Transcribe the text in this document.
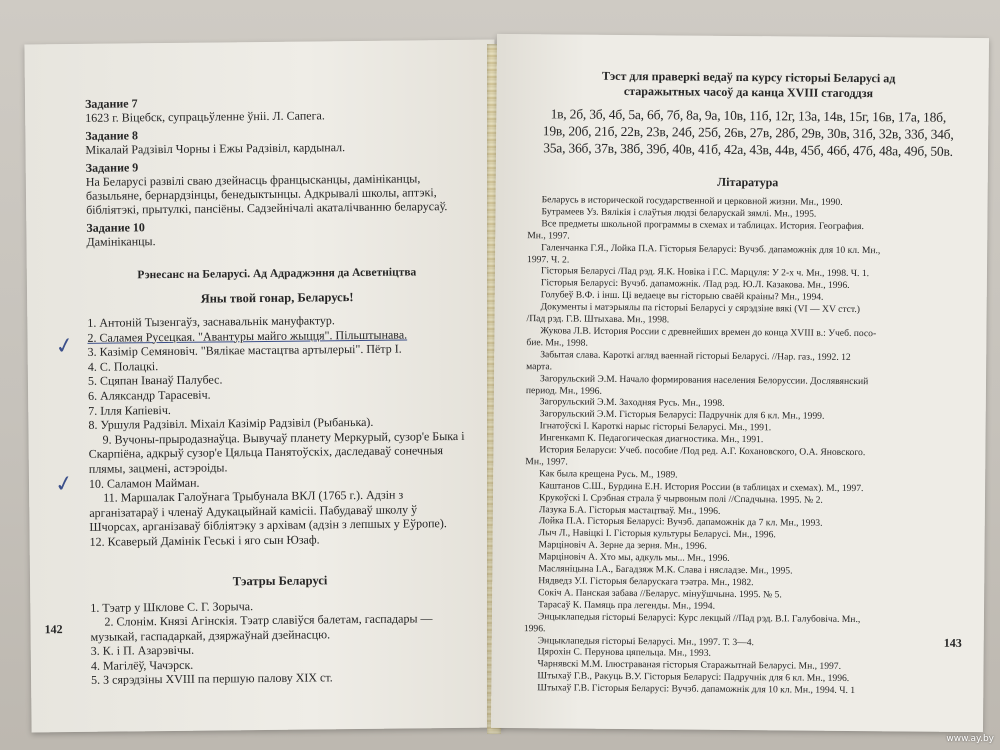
Задание 7

1623 г. Віцебск, супрацьўленне ўніі. Л. Сапега.

Задание 8

Мікалай Радзівіл Чорны і Ежы Радзівіл, кардынал.

Задание 9

На Беларусі развілі сваю дзейнасць францысканцы, дамінiканцы, базыльяне, бернардзінцы, бенедыктынцы. Адкрывалі школы, аптэкі, бібліятэкі, прытулкі, пансіёны. Садзейнічалі акаталічванню беларусаў.

Задание 10

Дамінiканцы.

Рэнесанс на Беларусі. Ад Адраджэння да Асветніцтва

Яны твой гонар, Беларусь!

1. Антоній Тызенгаўз, заснавальнік мануфактур.

2. Саламея Русецкая. "Авантуры майго жыцця". Пільштынава.

3. Казімір Семяновіч. "Вялікае мастацтва артылерыі". Пётр І.

4. С. Полацкі.

5. Сцяпан Іванаў Палубес.

6. Аляксандр Тарасевіч.

7. Ілля Капіевіч.

8. Уршуля Радзівіл. Міхаіл Казімір Радзівіл (Рыбанька).

9. Вучоны-прыродазнаўца. Вывучаў планету Меркурый, сузор'е Быка і Скарпіёна, адкрыў сузор'е Цяльца Панятоўскіх, даследаваў сонечныя плямы, зацмені, астэроіды.

10. Саламон Майман.

11. Маршалак Галоўнага Трыбунала ВКЛ (1765 г.). Адзін з арганізатараў і членаў Адукацыйнай камісіі. Пабудаваў школу ў Шчорсах, арганізаваў бібліятэку з архівам (адзін з лепшых у Еўропе).

12. Ксаверый Дамінік Геські і яго сын Юзаф.

Тэатры Беларусі

1. Тэатр у Шклове С. Г. Зорыча.

2. Слонім. Князі Агінскія. Тэатр славіўся балетам, гаспадары — музыкай, гаспадаркай, дзяржаўнай дзейнасцю.

3. К. і П. Азарэвічы.

4. Магілёў, Чачэрск.

5. З сярэдзіны XVIII па першую палову XIX ст.

✓
✓
142

Тэст для праверкі ведаў па курсу гісторыі Беларусі ад

старажытных часоў да канца XVIII стагоддзя

1в, 2б, 3б, 4б, 5а, 6б, 7б, 8а, 9а, 10в, 11б, 12г, 13а, 14в, 15г, 16в, 17а, 18б,

19в, 20б, 21б, 22в, 23в, 24б, 25б, 26в, 27в, 28б, 29в, 30в, 31б, 32в, 33б, 34б,

35а, 36б, 37в, 38б, 39б, 40в, 41б, 42а, 43в, 44в, 45б, 46б, 47б, 48а, 49б, 50в.

Літаратура

Беларусь в исторической государственной и церковной жизни. Мн., 1990.

Бутрамеев Уз. Вялікія і слаўтыя людзі беларускай зямлі. Мн., 1995.

Все предметы школьной программы в схемах и таблицах. История. География.

Мн., 1997.

Галенчанка Г.Я., Лойка П.А. Гісторыя Беларусі: Вучэб. дапаможнік для 10 кл. Мн.,

1997. Ч. 2.

Гісторыя Беларусі /Пад рэд. Я.К. Новіка і Г.С. Марцуля: У 2-х ч. Мн., 1998. Ч. 1.

Гісторыя Беларусі: Вучэб. дапаможнік. /Пад рэд. Ю.Л. Казакова. Мн., 1996.

Голубеў В.Ф. і інш. Ці ведаеце вы гісторыю сваёй краіны? Мн., 1994.

Документы і матэрыялы па гісторыі Беларусі у сярэдзіне вякі (VI — XV стст.)

/Пад рэд. Г.В. Штыхава. Мн., 1998.

Жукова Л.В. История России с древнейших времен до конца XVIII в.: Учеб. посо-

бие. Мн., 1998.

Забытая слава. Кароткі агляд ваеннай гісторыі Беларусі. //Нар. газ., 1992. 12

марта.

Загорульский Э.М. Начало формирования населения Белоруссии. Дослявянский

период. Мн., 1996.

Загорульский Э.М. Заходняя Русь. Мн., 1998.

Загорульский Э.М. Гісторыя Беларусі: Падручнік для 6 кл. Мн., 1999.

Ігнатоўскі І. Кароткі нарыс гісторыі Беларусі. Мн., 1991.

Ингенкамп К. Педагогическая диагностика. Мн., 1991.

История Беларуси: Учеб. пособие /Под ред. А.Г. Кохановского, О.А. Яновского.

Мн., 1997.

Как была крещена Русь. М., 1989.

Каштанов С.Ш., Бурдина Е.Н. История России (в таблицах и схемах). М., 1997.

Крукоўскі І. Срэбная страла ў чырвоным полі //Спадчына. 1995. № 2.

Лазука Б.А. Гісторыя мастацтваў. Мн., 1996.

Лойка П.А. Гісторыя Беларусі: Вучэб. дапаможнік да 7 кл. Мн., 1993.

Лыч Л., Навіцкі І. Гісторыя культуры Беларусі. Мн., 1996.

Марціновіч А. Зерне да зерня. Мн., 1996.

Марціновіч А. Хто мы, адкуль мы... Мн., 1996.

Масляніцына І.А., Багадзяж М.К. Слава і нясладзе. Мн., 1995.

Нядведз У.І. Гісторыя беларускага тэатра. Мн., 1982.

Сокіч А. Панская забава //Беларус. мінуўшчына. 1995. № 5.

Тарасаў К. Памяць пра легенды. Мн., 1994.

Энцыклапедыя гісторыі Беларусі: Курс лекцый //Пад рэд. В.І. Галубовіча. Мн.,

1996.

Энцыклапедыя гісторыі Беларусі. Мн., 1997. Т. 3—4.

Цярохін С. Перунова цяпельца. Мн., 1993.

Чарнявскі М.М. Ілюстраваная гісторыя Старажытнай Беларусі. Мн., 1997.

Штыхаў Г.В., Ракуць В.У. Гісторыя Беларусі: Падручнік для 6 кл. Мн., 1996.

Штыхаў Г.В. Гісторыя Беларусі: Вучэб. дапаможнік для 10 кл. Мн., 1994. Ч. 1

143
www.ay.by
